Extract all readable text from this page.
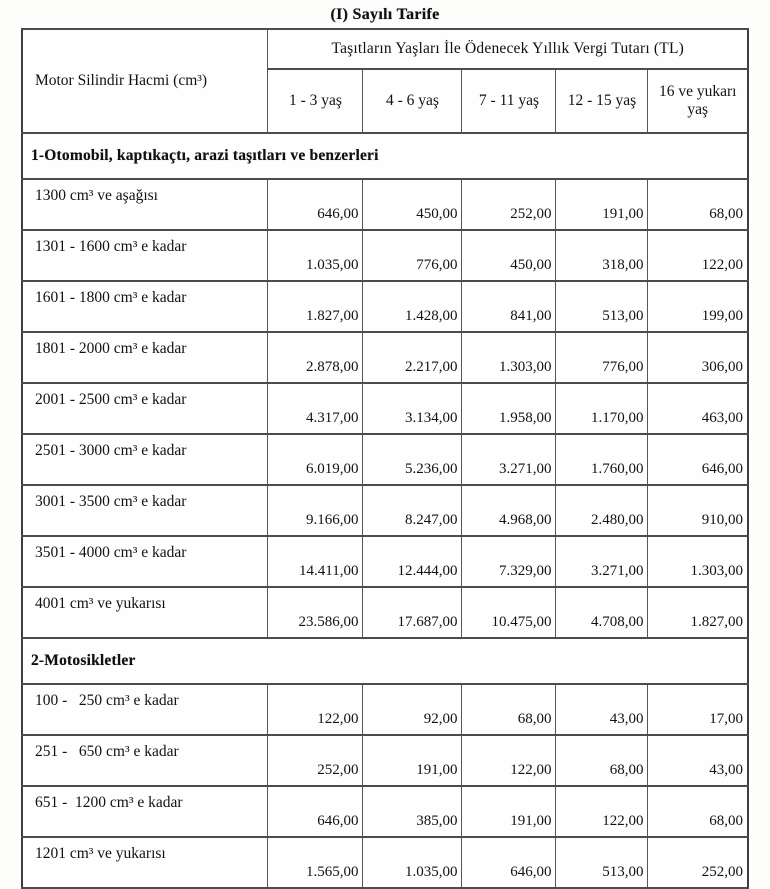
(I) Sayılı Tarife
Motor Silindir Hacmi (cm³)	Taşıtların Yaşları İle Ödenecek Yıllık Vergi Tutarı (TL)				
	1 - 3 yaş	4 - 6 yaş	7 - 11 yaş	12 - 15 yaş	16 ve yukarı yaş
1-Otomobil, kaptıkaçtı, arazi taşıtları ve benzerleri					
1300 cm³ ve aşağısı	646,00	450,00	252,00	191,00	68,00
1301 - 1600 cm³ e kadar	1.035,00	776,00	450,00	318,00	122,00
1601 - 1800 cm³ e kadar	1.827,00	1.428,00	841,00	513,00	199,00
1801 - 2000 cm³ e kadar	2.878,00	2.217,00	1.303,00	776,00	306,00
2001 - 2500 cm³ e kadar	4.317,00	3.134,00	1.958,00	1.170,00	463,00
2501 - 3000 cm³ e kadar	6.019,00	5.236,00	3.271,00	1.760,00	646,00
3001 - 3500 cm³ e kadar	9.166,00	8.247,00	4.968,00	2.480,00	910,00
3501 - 4000 cm³ e kadar	14.411,00	12.444,00	7.329,00	3.271,00	1.303,00
4001 cm³ ve yukarısı	23.586,00	17.687,00	10.475,00	4.708,00	1.827,00
2-Motosikletler					
100 -   250 cm³ e kadar	122,00	92,00	68,00	43,00	17,00
251 -   650 cm³ e kadar	252,00	191,00	122,00	68,00	43,00
651 -  1200 cm³ e kadar	646,00	385,00	191,00	122,00	68,00
1201 cm³ ve yukarısı	1.565,00	1.035,00	646,00	513,00	252,00
